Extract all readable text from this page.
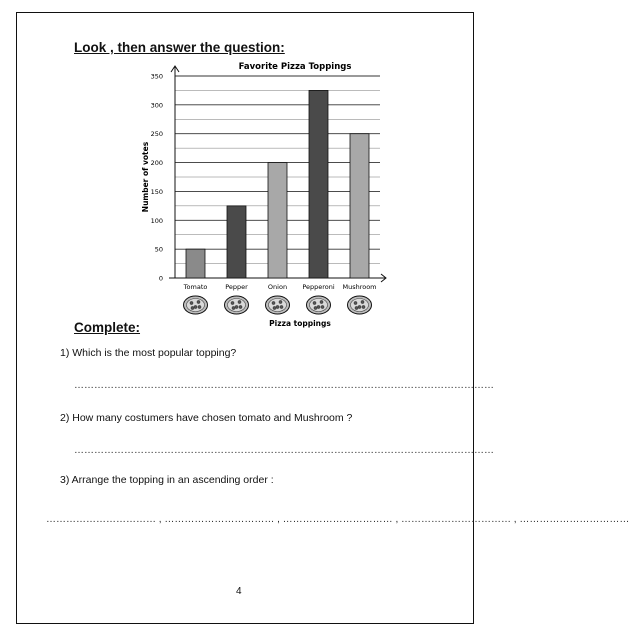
Look , then answer the question:
Favorite Pizza Toppings
0
50
100
150
200
250
300
350
Tomato	Pepper	Onion Pepperoni Mushroom
Pizza toppings
Number of votes
Complete:
1) Which is the most popular topping?
………………………………………………………………………………………………………………
2) How many costumers have chosen tomato and Mushroom ?
………………………………………………………………………………………………………………
3) Arrange the topping in an ascending order :
…………………………… , …………………………… , …………………………… , …………………………… , ……………………………
4
